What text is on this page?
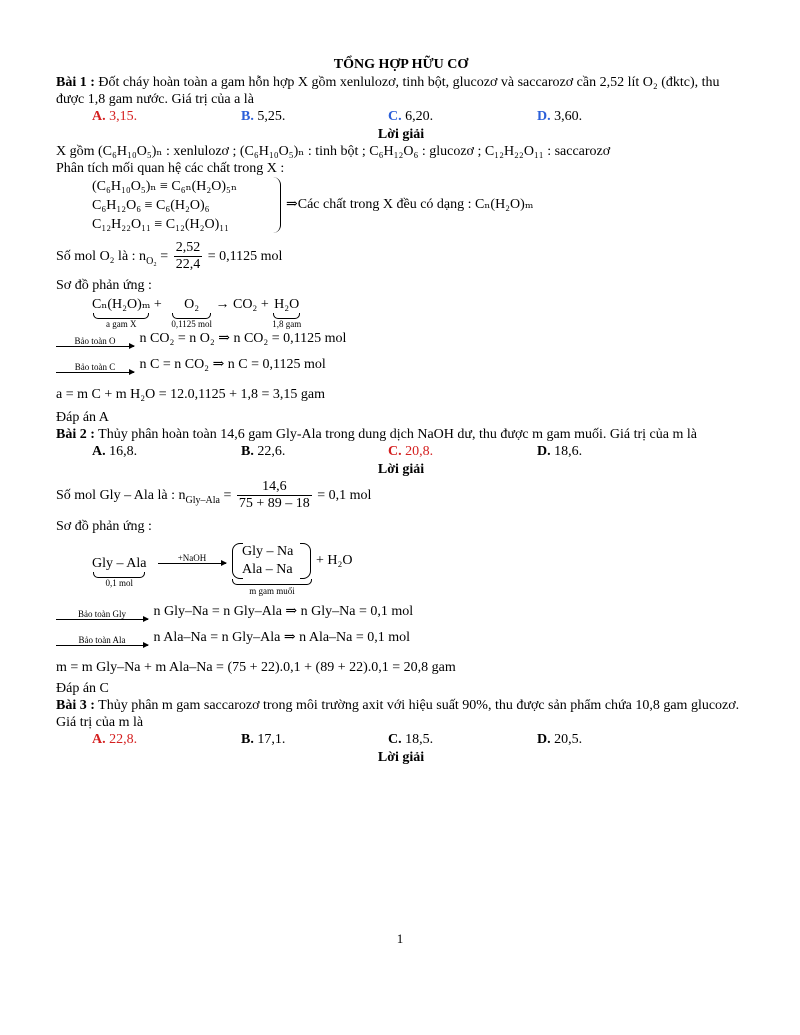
TỔNG HỢP HỮU CƠ
Bài 1 : Đốt cháy hoàn toàn a gam hỗn hợp X gồm xenlulozơ, tinh bột, glucozơ và saccarozơ cần 2,52 lít O₂ (đktc), thu được 1,8 gam nước. Giá trị của a là
A. 3,15.	B. 5,25.	C. 6,20.	D. 3,60.
Lời giải
X gồm (C₆H₁₀O₅)ₙ : xenlulozơ ; (C₆H₁₀O₅)ₙ : tinh bột ; C₆H₁₂O₆ : glucozơ ; C₁₂H₂₂O₁₁ : saccarozơ
Phân tích mối quan hệ các chất trong X :
(C₆H₁₀O₅)ₙ ≡ C₆ₙ(H₂O)₅ₙ
C₆H₁₂O₆ ≡ C₆(H₂O)₆
C₁₂H₂₂O₁₁ ≡ C₁₂(H₂O)₁₁
⇒Các chất trong X đều có dạng : Cₙ(H₂O)ₘ
Số mol O₂ là : $n_{O_2} = \frac{2,52}{22,4} = 0,1125$ mol
Sơ đồ phản ứng :
Cₙ(H₂O)ₘ
a gam X
+	O₂
0,1125 mol
→ CO₂ + H₂O
1,8 gam
Bảo toàn O	n CO₂ = n O₂ ⇒ n CO₂ = 0,1125 mol
Bảo toàn C	n C = n CO₂ ⇒ n C = 0,1125 mol
a = m C + m H₂O = 12.0,1125 + 1,8 = 3,15 gam
Đáp án A
Bài 2 : Thủy phân hoàn toàn 14,6 gam Gly-Ala trong dung dịch NaOH dư, thu được m gam muối. Giá trị của m là
A. 16,8.	B. 22,6.	C. 20,8.	D. 18,6.
Lời giải
Số mol Gly – Ala là : $n_{Gly-Ala} = \frac{14,6}{75 + 89 - 18} = 0,1$ mol
Sơ đồ phản ứng :
Gly – Ala
0,1 mol
+NaOH	Gly – Na
Ala – Na
m gam muối
+ H₂O
Bảo toàn Gly	n Gly–Na = n Gly–Ala ⇒ n Gly–Na = 0,1 mol
Bảo toàn Ala	n Ala–Na = n Gly–Ala ⇒ n Ala–Na = 0,1 mol
m = m Gly–Na + m Ala–Na = (75 + 22).0,1 + (89 + 22).0,1 = 20,8 gam
Đáp án C
Bài 3 : Thủy phân m gam saccarozơ trong môi trường axit với hiệu suất 90%, thu được sản phẩm chứa 10,8 gam glucozơ. Giá trị của m là
A. 22,8.	B. 17,1.	C. 18,5.	D. 20,5.
Lời giải
1
